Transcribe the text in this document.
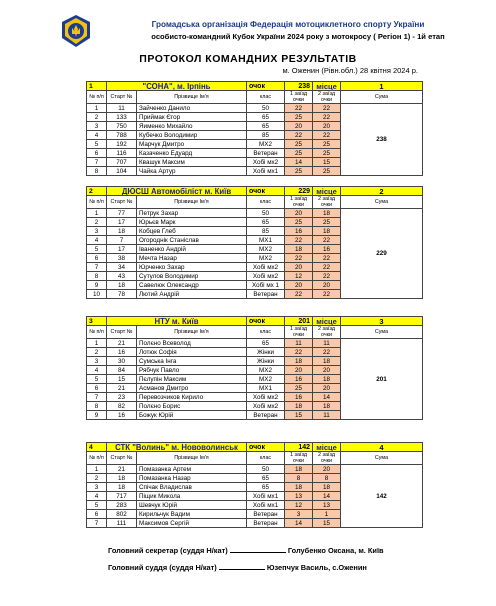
Громадська організація Федерація мотоциклетного спорту України
особисто-командний Кубок України 2024 року з мотокросу ( Регіон 1) - 1й етап
ПРОТОКОЛ КОМАНДНИХ РЕЗУЛЬТАТІВ
м. Оженин (Рівн.обл.) 28 квітня 2024 р.
1	"СОНА", м. Ірпінь		очок	238	місце	1
№ п/п	Старт №	Прізвище Ім'я	клас	1 заїзд очки	2 заїзд очки	Сума
1	11	Зайченко Данило	50	22	22	238
2	133	Приймак Єгор	65	25	22	
3	750	Яименко Михайло	65	20	20	
4	788	Кубечко Володимир	85	22	22	
5	192	Марчук Дмитро	МХ2	25	25	
6	116	Казаченко Едуард	Ветеран	25	25	
7	707	Квашук Максим	Хобі мх2	14	15	
8	104	Чайка Артур	Хобі мх1	25	25	
2	ДЮСШ Автомобіліст м. Київ		очок	229	місце	2
№ п/п	Старт №	Прізвище Ім'я	клас	1 заїзд очки	2 заїзд очки	Сума
1	77	Петрук Захар	50	20	18	229
2	17	Юрьєв Марк	65	25	25	
3	18	Кобцев Глеб	85	16	18	
4	7	Огороднік Станіслав	МХ1	22	22	
5	17	Іваненко Андрій	МХ2	18	16	
6	38	Мечта Назар	МХ2	22	22	
7	34	Юрченко Захар	Хобі мх2	20	22	
8	43	Сутулов Володимир	Хобі мх2	12	22	
9	18	Савелюк Олександр	Хобі мх 1	20	20	
10	78	Лютий Андрій	Ветеран	22	22	
3	НТУ м. Київ		очок	201	місце	3
№ п/п	Старт №	Прізвище Ім'я	клас	1 заїзд очки	2 заїзд очки	Сума
1	21	Полєно Всеволод	65	11	11	201
2	16	Лотюк Софія	Жінки	22	22	
3	30	Сумська Інга	Жінки	18	18	
4	84	Рябчук Павло	МХ2	20	20	
5	15	Пєлупін Максим	МХ2	16	18	
6	21	Асманов Дмитро	МХ1	25	20	
7	23	Перевозчиков Кирило	Хобі мх2	16	14	
8	82	Полєно Борис	Хобі мх2	18	18	
9	16	Божук Юрій	Ветеран	15	11	
4	СТК "Волинь" м. Нововолинськ		очок	142	місце	4
№ п/п	Старт №	Прізвище Ім'я	клас	1 заїзд очки	2 заїзд очки	Сума
1	21	Помазанка Артем	50	18	20	142
2	18	Помазанка Назар	65	8	8	
3	18	Спічак Владислав	65	18	18	
4	717	Піщик Микола	Хобі мх1	13	14	
5	283	Шевчук Юрій	Хобі мх1	12	13	
6	802	Кирильчук Вадим	Ветеран	3	1	
7	111	Максимов Сергій	Ветеран	14	15	
Головний секретар (суддя Н/кат)	Голубенко Оксана, м. Київ
Головний суддя (суддя Н/кат)	Юзепчук Василь, с.Оженин
